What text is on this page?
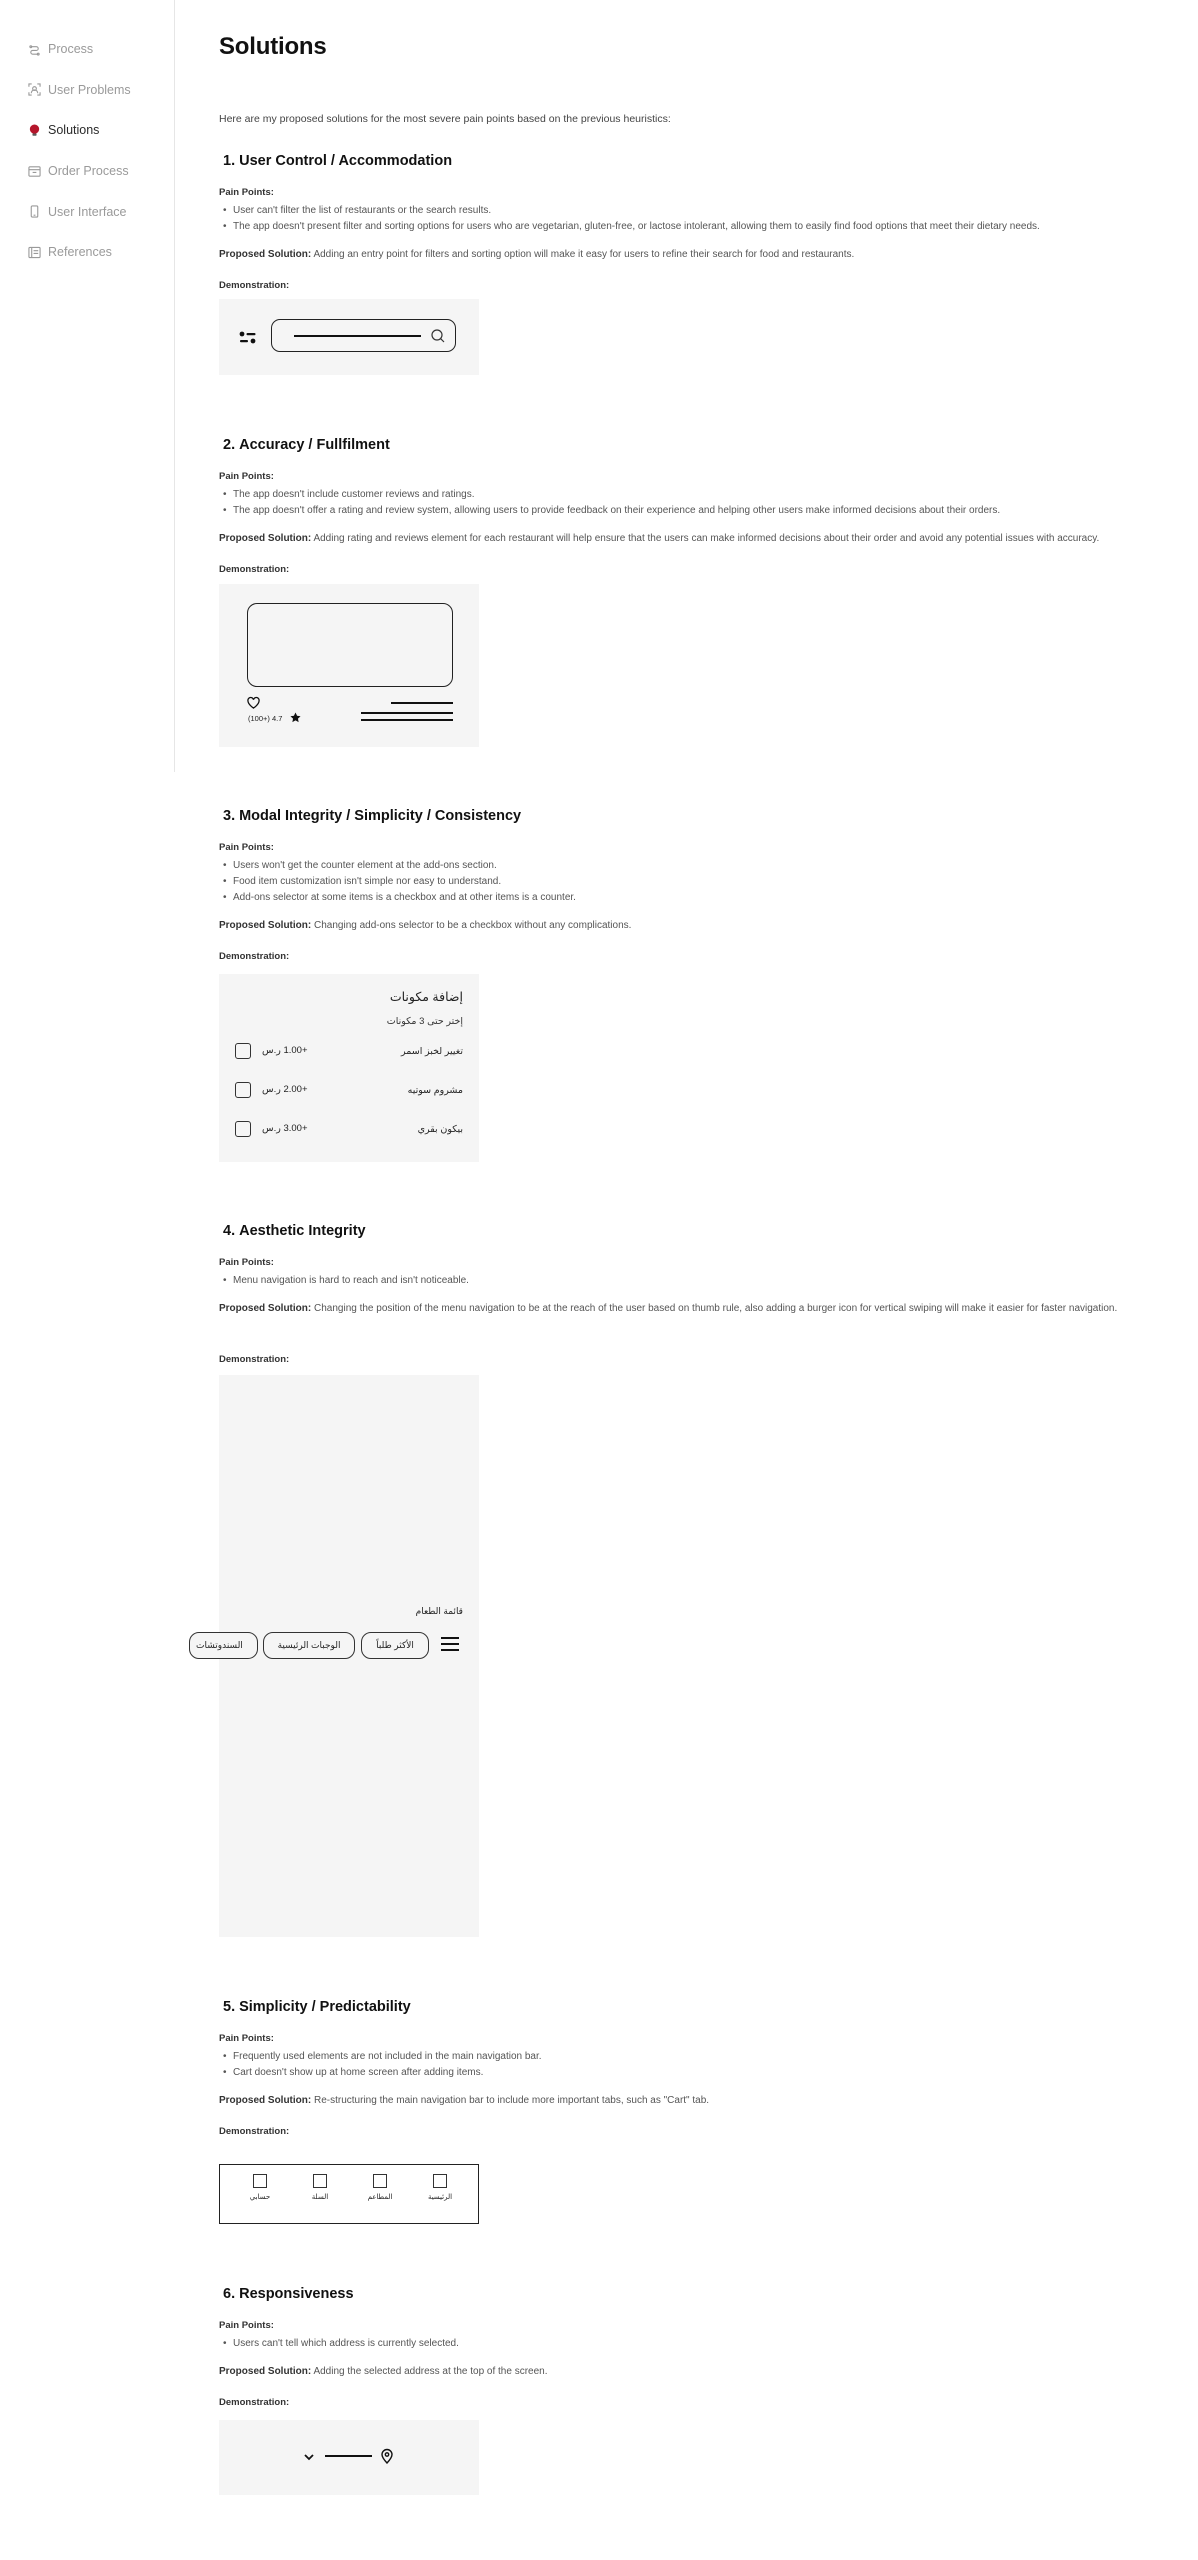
Process
User Problems
Solutions
Order Process
User Interface
References
Solutions

Here are my proposed solutions for the most severe pain points based on the previous heuristics:

1. User Control / Accommodation
Pain Points:
• User can't filter the list of restaurants or the search results.
• The app doesn't present filter and sorting options for users who are vegetarian, gluten-free, or lactose intolerant, allowing them to easily find food options that meet their dietary needs.

Proposed Solution: Adding an entry point for filters and sorting option will make it easy for users to refine their search for food and restaurants.

Demonstration:
2. Accuracy / Fullfilment
Pain Points:
• The app doesn't include customer reviews and ratings.
• The app doesn't offer a rating and review system, allowing users to provide feedback on their experience and helping other users make informed decisions about their orders.

Proposed Solution: Adding rating and reviews element for each restaurant will help ensure that the users can make informed decisions about their order and avoid any potential issues with accuracy.

Demonstration:
(100+) 4.7
3. Modal Integrity / Simplicity / Consistency
Pain Points:
• Users won't get the counter element at the add-ons section.
• Food item customization isn't simple nor easy to understand.
• Add-ons selector at some items is a checkbox and at other items is a counter.

Proposed Solution: Changing add-ons selector to be a checkbox without any complications.

Demonstration:
إضافة مكونات
إختر حتى 3 مكونات
+1.00 ر.س	تغيير لخبز اسمر
+2.00 ر.س	مشروم سوتيه
+3.00 ر.س	بيكون بقري
4. Aesthetic Integrity
Pain Points:
• Menu navigation is hard to reach and isn't noticeable.

Proposed Solution: Changing the position of the menu navigation to be at the reach of the user based on thumb rule, also adding a burger icon for vertical swiping will make it easier for faster navigation.

Demonstration:
قائمة الطعام
الأكثر طلباً
الوجبات الرئيسية
السندوتشات
5. Simplicity / Predictability
Pain Points:
• Frequently used elements are not included in the main navigation bar.
• Cart doesn't show up at home screen after adding items.

Proposed Solution: Re-structuring the main navigation bar to include more important tabs, such as "Cart" tab.

Demonstration:
الرئيسية
المطاعم
السلة
حسابي
6. Responsiveness
Pain Points:
• Users can't tell which address is currently selected.

Proposed Solution: Adding the selected address at the top of the screen.

Demonstration:
